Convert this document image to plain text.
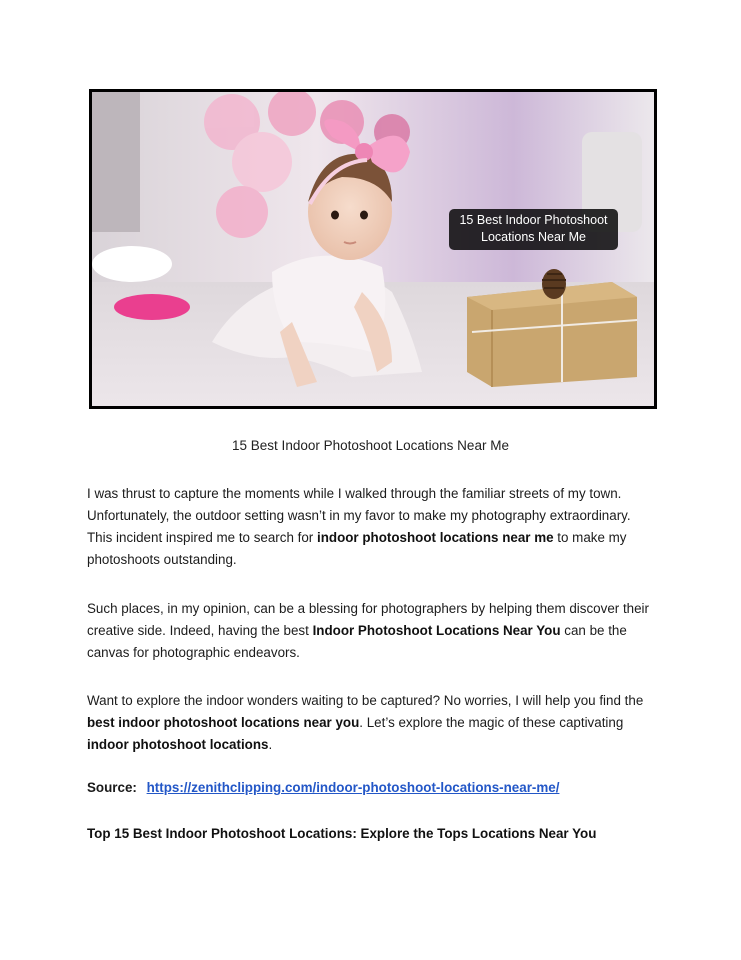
15 Best Indoor Photoshoot
Locations Near Me
15 Best Indoor Photoshoot Locations Near Me

I was thrust to capture the moments while I walked through the familiar streets of my town. Unfortunately, the outdoor setting wasn’t in my favor to make my photography extraordinary. This incident inspired me to search for indoor photoshoot locations near me to make my photoshoots outstanding.

Such places, in my opinion, can be a blessing for photographers by helping them discover their creative side. Indeed, having the best Indoor Photoshoot Locations Near You can be the canvas for photographic endeavors.

Want to explore the indoor wonders waiting to be captured? No worries, I will help you find the best indoor photoshoot locations near you. Let’s explore the magic of these captivating indoor photoshoot locations.

Source: https://zenithclipping.com/indoor-photoshoot-locations-near-me/
Top 15 Best Indoor Photoshoot Locations: Explore the Tops Locations Near You
